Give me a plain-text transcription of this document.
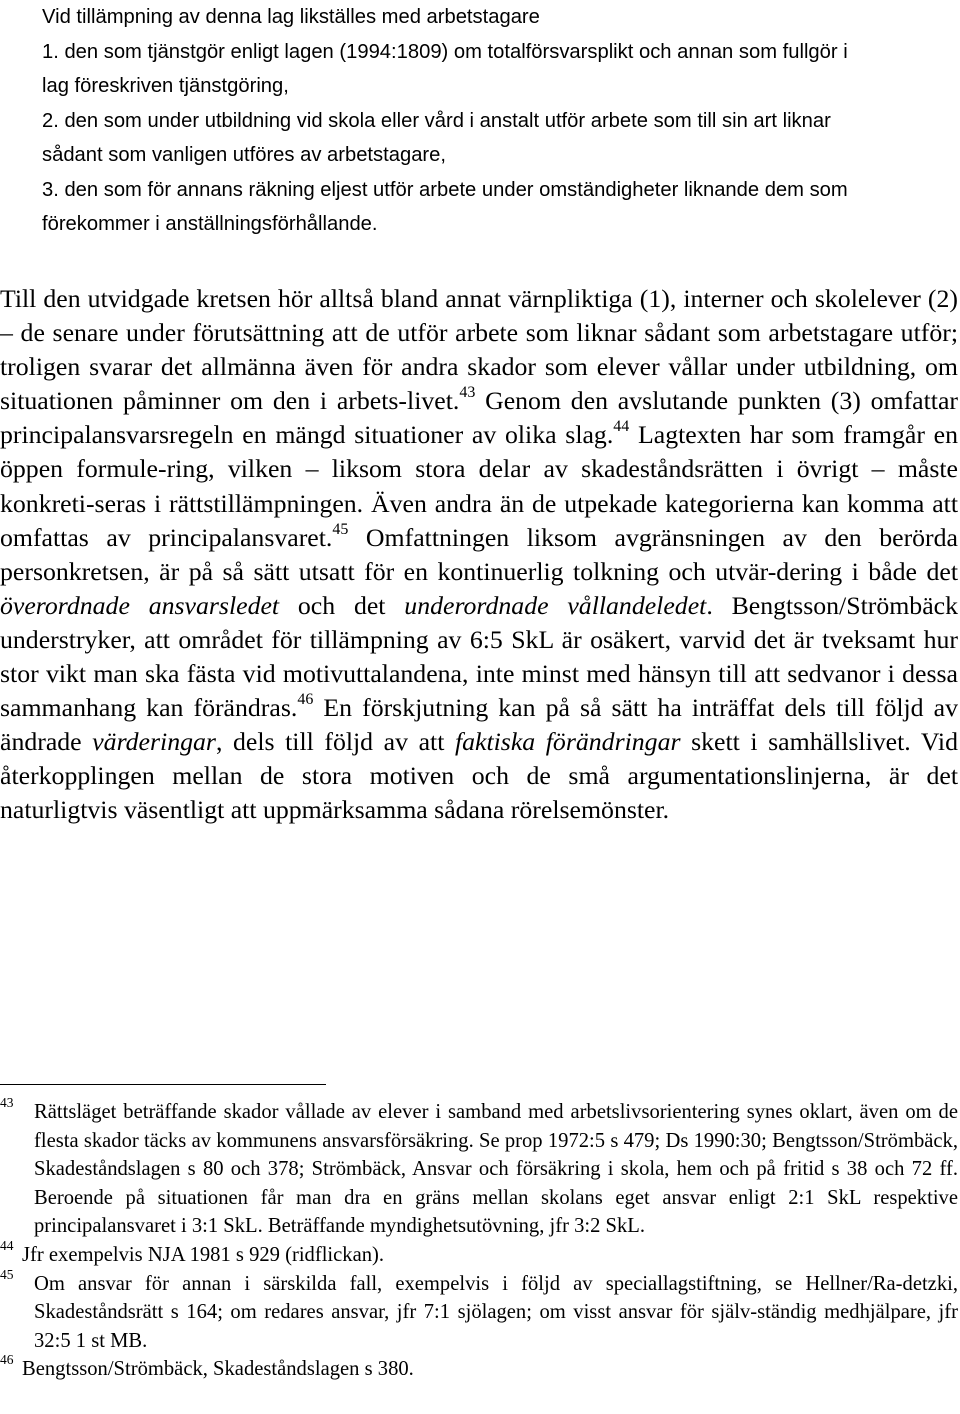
Vid tillämpning av denna lag likställes med arbetstagare
1. den som tjänstgör enligt lagen (1994:1809) om totalförsvarsplikt och annan som fullgör i
lag föreskriven tjänstgöring,
2. den som under utbildning vid skola eller vård i anstalt utför arbete som till sin art liknar
sådant som vanligen utföres av arbetstagare,
3. den som för annans räkning eljest utför arbete under omständigheter liknande dem som
förekommer i anställningsförhållande.

Till den utvidgade kretsen hör alltså bland annat värnpliktiga (1), interner och skolelever (2) – de senare under förutsättning att de utför arbete som liknar sådant som arbetstagare utför; troligen svarar det allmänna även för andra skador som elever vållar under utbildning, om situationen påminner om den i arbets-livet.$^{43}$ Genom den avslutande punkten (3) omfattar principalansvarsregeln en mängd situationer av olika slag.$^{44}$ Lagtexten har som framgår en öppen formule-ring, vilken – liksom stora delar av skadeståndsrätten i övrigt – måste konkreti-seras i rättstillämpningen. Även andra än de utpekade kategorierna kan komma att omfattas av principalansvaret.$^{45}$ Omfattningen liksom avgränsningen av den berörda personkretsen, är på så sätt utsatt för en kontinuerlig tolkning och utvär-dering i både det överordnade ansvarsledet och det underordnade vållandeledet. Bengtsson/Strömbäck understryker, att området för tillämpning av 6:5 SkL är osäkert, varvid det är tveksamt hur stor vikt man ska fästa vid motivuttalandena, inte minst med hänsyn till att sedvanor i dessa sammanhang kan förändras.$^{46}$ En förskjutning kan på så sätt ha inträffat dels till följd av ändrade värderingar, dels till följd av att faktiska förändringar skett i samhällslivet. Vid återkopplingen mellan de stora motiven och de små argumentationslinjerna, är det naturligtvis väsentligt att uppmärksamma sådana rörelsemönster.

43 Rättsläget beträffande skador vållade av elever i samband med arbetslivsorientering synes oklart, även om de flesta skador täcks av kommunens ansvarsförsäkring. Se prop 1972:5 s 479; Ds 1990:30; Bengtsson/Strömbäck, Skadeståndslagen s 80 och 378; Strömbäck, Ansvar och försäkring i skola, hem och på fritid s 38 och 72 ff. Beroende på situationen får man dra en gräns mellan skolans eget ansvar enligt 2:1 SkL respektive principalansvaret i 3:1 SkL. Beträffande myndighetsutövning, jfr 3:2 SkL.
44 Jfr exempelvis NJA 1981 s 929 (ridflickan).
45 Om ansvar för annan i särskilda fall, exempelvis i följd av speciallagstiftning, se Hellner/Ra-detzki, Skadeståndsrätt s 164; om redares ansvar, jfr 7:1 sjölagen; om visst ansvar för själv-ständig medhjälpare, jfr 32:5 1 st MB.
46 Bengtsson/Strömbäck, Skadeståndslagen s 380.
